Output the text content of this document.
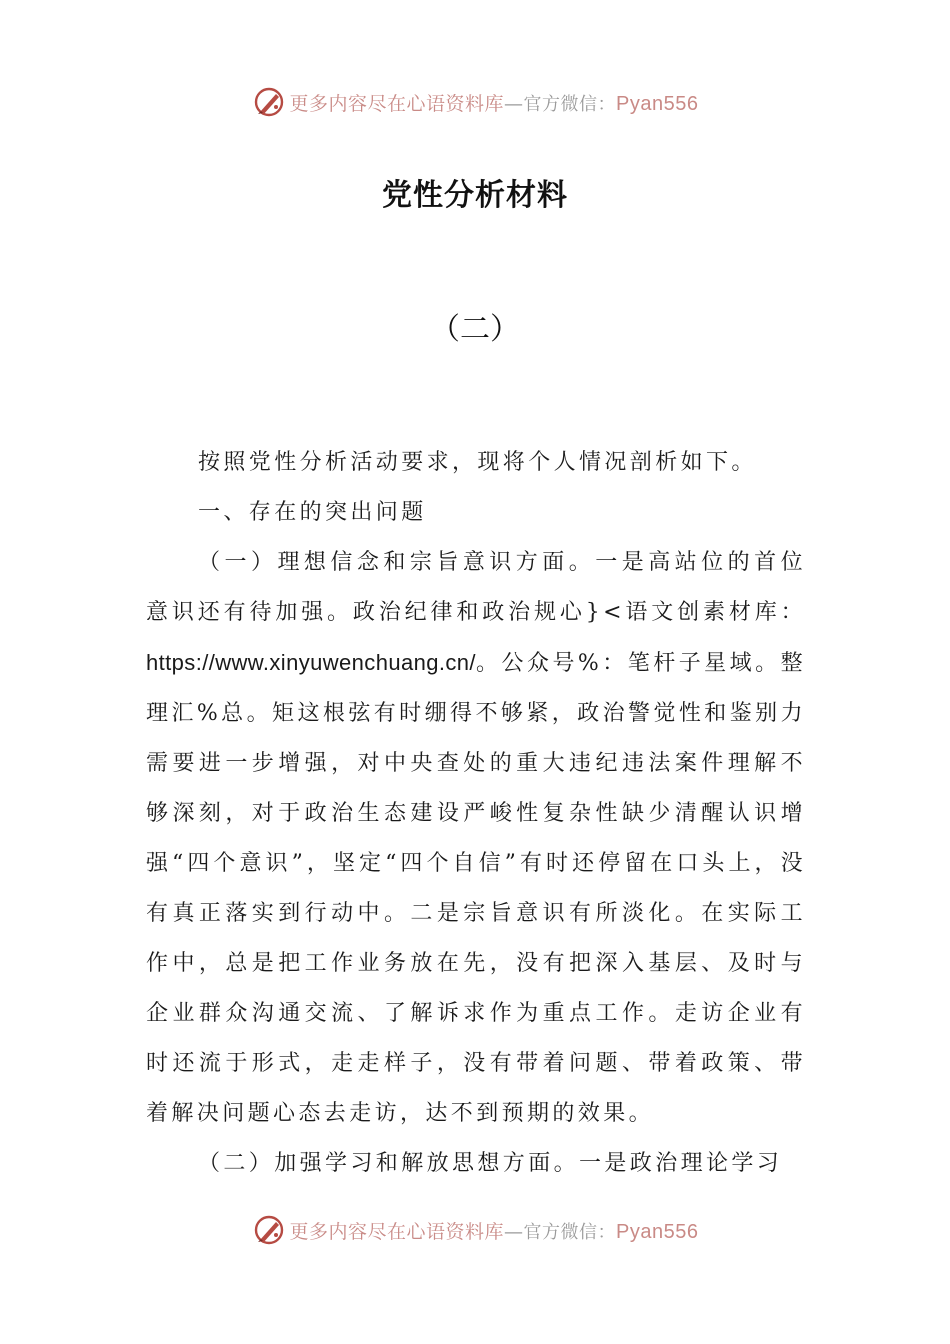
更多内容尽在心语资料库—官方微信：Pyan556
党性分析材料
（二）

按照党性分析活动要求，现将个人情况剖析如下。

一、存在的突出问题

（一）理想信念和宗旨意识方面。一是高站位的首位意识还有待加强。政治纪律和政治规心}<语文创素材库：https://www.xinyuwenchuang.cn/。公众号%：笔杆子星域。整理汇%总。矩这根弦有时绷得不够紧，政治警觉性和鉴别力需要进一步增强，对中央查处的重大违纪违法案件理解不够深刻，对于政治生态建设严峻性复杂性缺少清醒认识增强“四个意识”，坚定“四个自信”有时还停留在口头上，没有真正落实到行动中。二是宗旨意识有所淡化。在实际工作中，总是把工作业务放在先，没有把深入基层、及时与企业群众沟通交流、了解诉求作为重点工作。走访企业有时还流于形式，走走样子，没有带着问题、带着政策、带着解决问题心态去走访，达不到预期的效果。

（二）加强学习和解放思想方面。一是政治理论学习

更多内容尽在心语资料库—官方微信：Pyan556
